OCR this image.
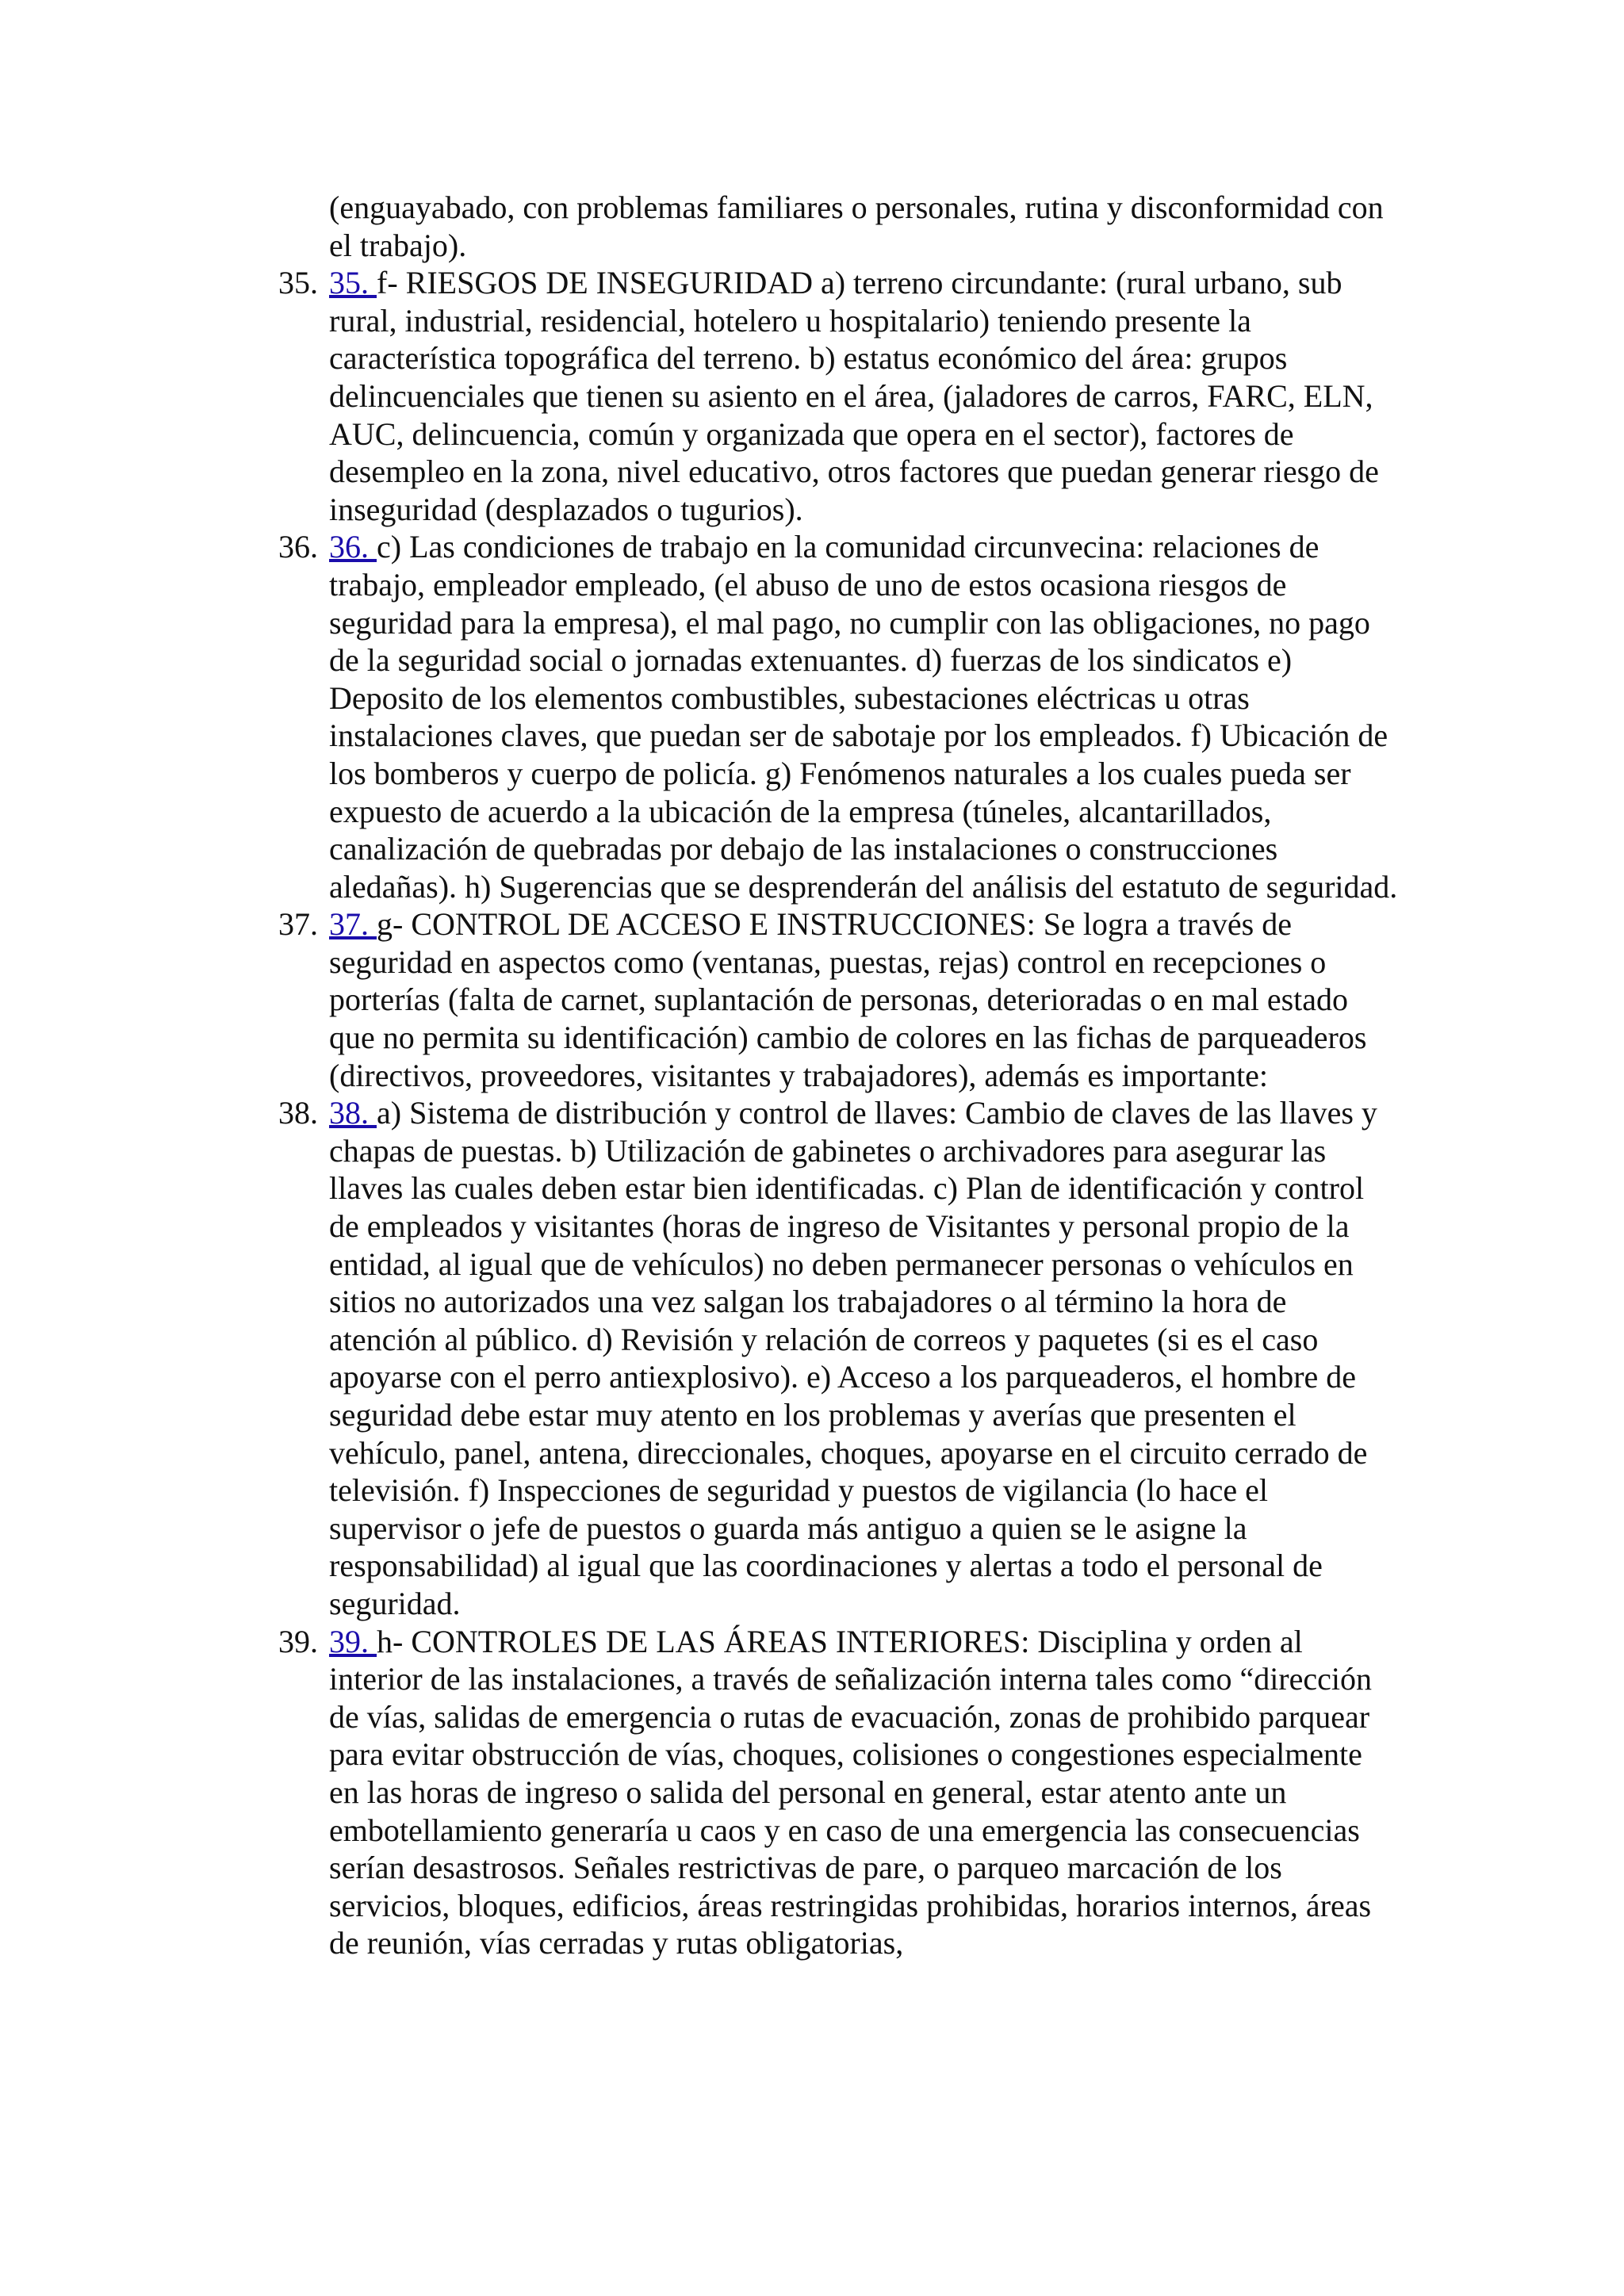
(enguayabado, con problemas familiares o personales, rutina y disconformidad con el trabajo).

35. 35. f- RIESGOS DE INSEGURIDAD a) terreno circundante: (rural urbano, sub rural, industrial, residencial, hotelero u hospitalario) teniendo presente la característica topográfica del terreno. b) estatus económico del área: grupos delincuenciales que tienen su asiento en el área, (jaladores de carros, FARC, ELN, AUC, delincuencia, común y organizada que opera en el sector), factores de desempleo en la zona, nivel educativo, otros factores que puedan generar riesgo de inseguridad (desplazados o tugurios).
36. 36. c) Las condiciones de trabajo en la comunidad circunvecina: relaciones de trabajo, empleador empleado, (el abuso de uno de estos ocasiona riesgos de seguridad para la empresa), el mal pago, no cumplir con las obligaciones, no pago de la seguridad social o jornadas extenuantes. d) fuerzas de los sindicatos e) Deposito de los elementos combustibles, subestaciones eléctricas u otras instalaciones claves, que puedan ser de sabotaje por los empleados. f) Ubicación de los bomberos y cuerpo de policía. g) Fenómenos naturales a los cuales pueda ser expuesto de acuerdo a la ubicación de la empresa (túneles, alcantarillados, canalización de quebradas por debajo de las instalaciones o construcciones aledañas). h) Sugerencias que se desprenderán del análisis del estatuto de seguridad.
37. 37. g- CONTROL DE ACCESO E INSTRUCCIONES: Se logra a través de seguridad en aspectos como (ventanas, puestas, rejas) control en recepciones o porterías (falta de carnet, suplantación de personas, deterioradas o en mal estado que no permita su identificación) cambio de colores en las fichas de parqueaderos (directivos, proveedores, visitantes y trabajadores), además es importante:
38. 38. a) Sistema de distribución y control de llaves: Cambio de claves de las llaves y chapas de puestas. b) Utilización de gabinetes o archivadores para asegurar las llaves las cuales deben estar bien identificadas. c) Plan de identificación y control de empleados y visitantes (horas de ingreso de Visitantes y personal propio de la entidad, al igual que de vehículos) no deben permanecer personas o vehículos en sitios no autorizados una vez salgan los trabajadores o al término la hora de atención al público. d) Revisión y relación de correos y paquetes (si es el caso apoyarse con el perro antiexplosivo). e) Acceso a los parqueaderos, el hombre de seguridad debe estar muy atento en los problemas y averías que presenten el vehículo, panel, antena, direccionales, choques, apoyarse en el circuito cerrado de televisión. f) Inspecciones de seguridad y puestos de vigilancia (lo hace el supervisor o jefe de puestos o guarda más antiguo a quien se le asigne la responsabilidad) al igual que las coordinaciones y alertas a todo el personal de seguridad.
39. 39. h- CONTROLES DE LAS ÁREAS INTERIORES: Disciplina y orden al interior de las instalaciones, a través de señalización interna tales como “dirección de vías, salidas de emergencia o rutas de evacuación, zonas de prohibido parquear para evitar obstrucción de vías, choques, colisiones o congestiones especialmente en las horas de ingreso o salida del personal en general, estar atento ante un embotellamiento generaría u caos y en caso de una emergencia las consecuencias serían desastrosos. Señales restrictivas de pare, o parqueo marcación de los servicios, bloques, edificios, áreas restringidas prohibidas, horarios internos, áreas de reunión, vías cerradas y rutas obligatorias,
